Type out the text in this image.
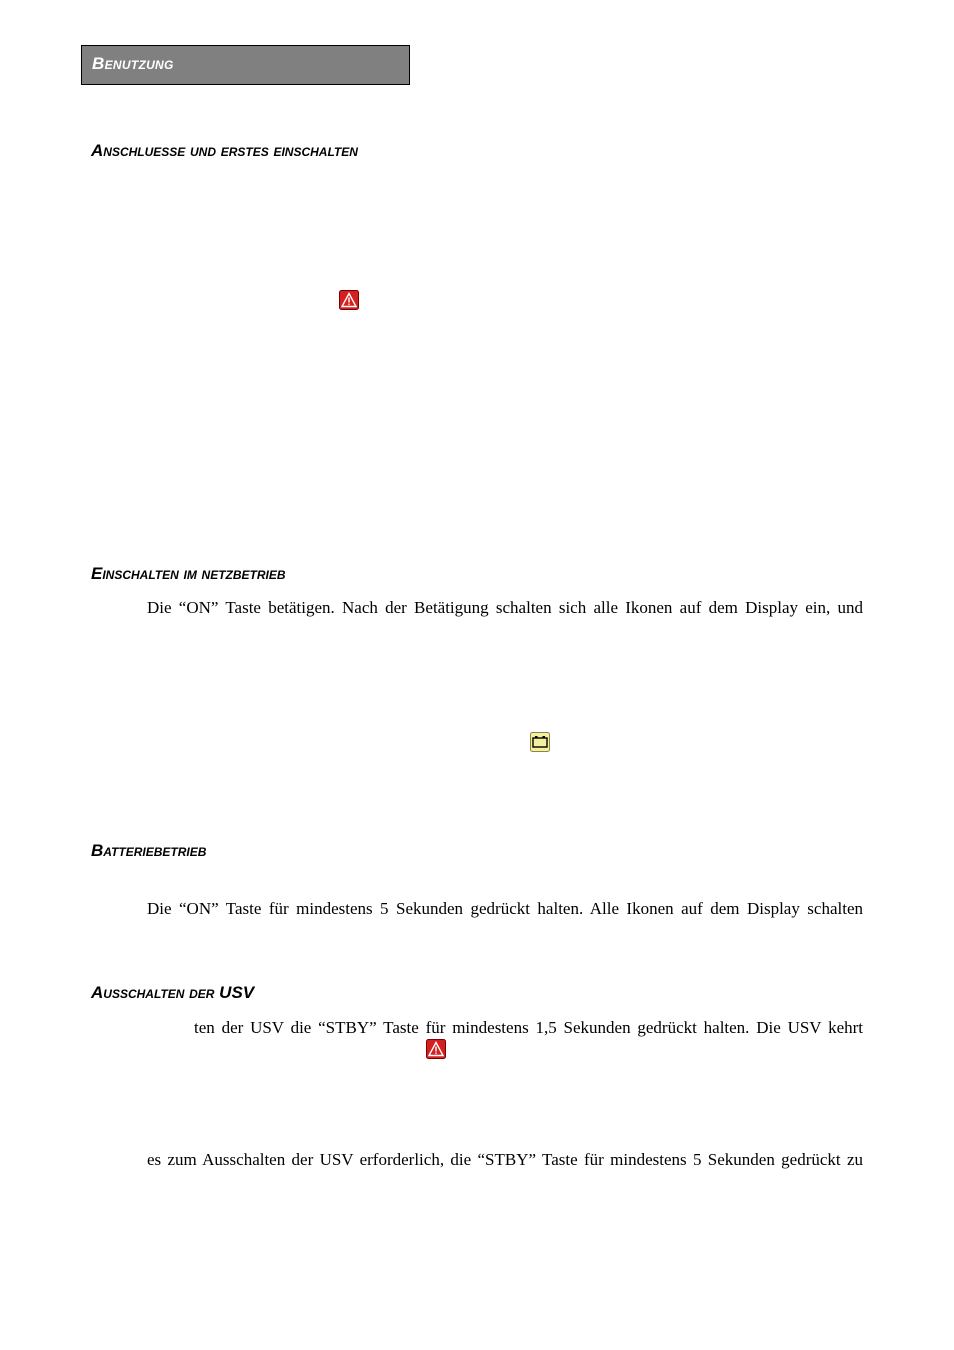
Benutzung
Anschluesse und erstes einschalten
Einschalten im netzbetrieb
Die “ON” Taste betätigen. Nach der Betätigung schalten sich alle Ikonen auf dem Display ein, und
Batteriebetrieb
Die “ON” Taste für mindestens 5 Sekunden gedrückt halten. Alle Ikonen auf dem Display schalten
Ausschalten der USV
ten der USV die “STBY” Taste für mindestens 1,5 Sekunden gedrückt halten. Die USV kehrt
es zum Ausschalten der USV erforderlich, die “STBY” Taste für mindestens 5 Sekunden gedrückt zu
